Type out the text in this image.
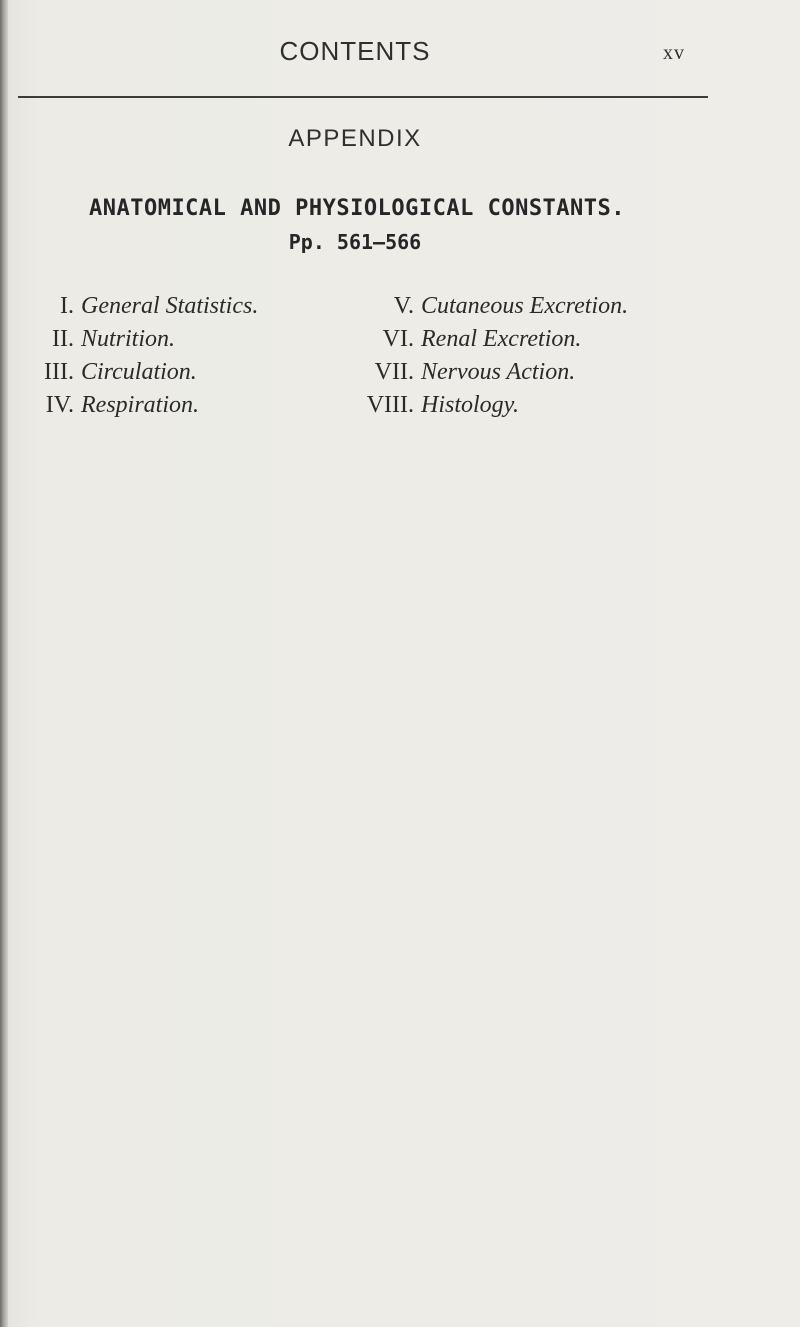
CONTENTS	xv
APPENDIX
ANATOMICAL AND PHYSIOLOGICAL CONSTANTS.
Pp. 561—566
I. General Statistics.
II. Nutrition.
III. Circulation.
IV. Respiration.
V. Cutaneous Excretion.
VI. Renal Excretion.
VII. Nervous Action.
VIII. Histology.
